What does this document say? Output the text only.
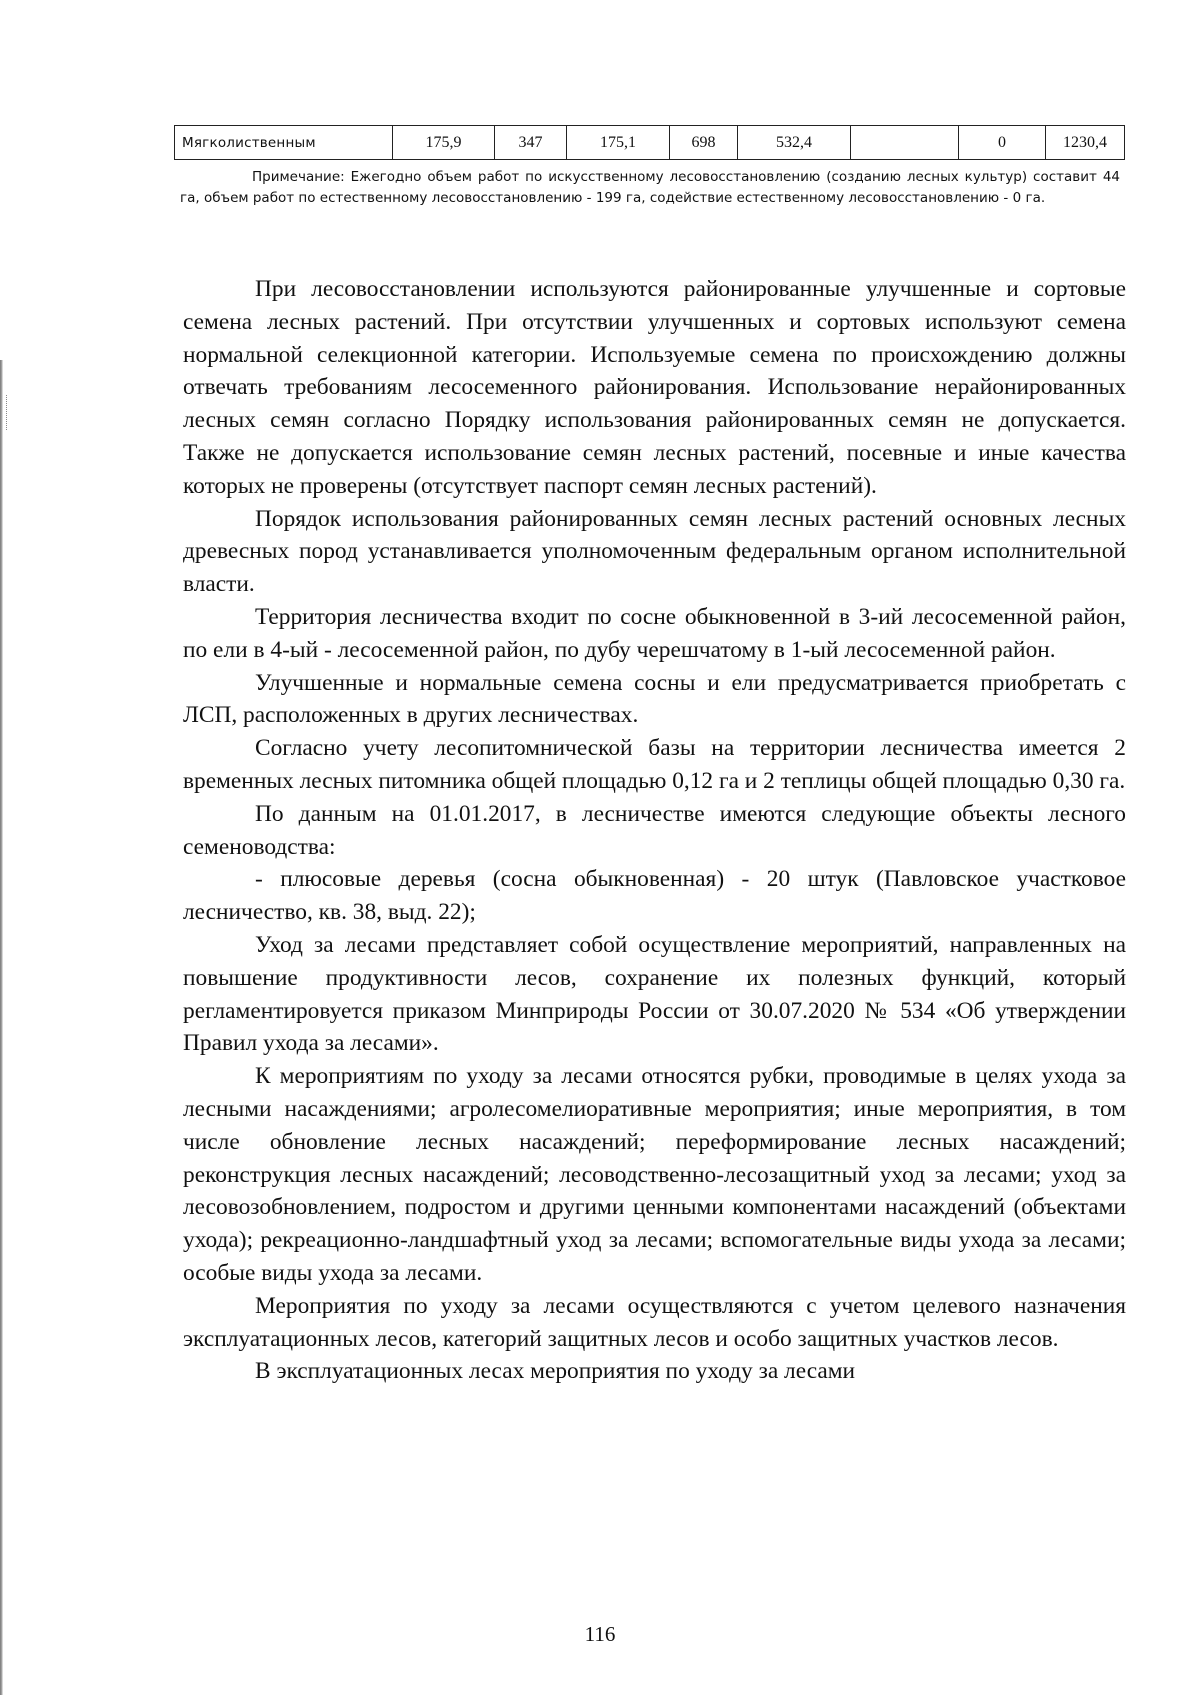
Мягколиственным	175,9	347	175,1	698	532,4		0	1230,4

Примечание: Ежегодно объем работ по искусственному лесовосстановлению (созданию лесных культур) составит 44 га, объем работ по естественному лесовосстановлению - 199 га, содействие естественному лесовосстановлению - 0 га.

При лесовосстановлении используются районированные улучшенные и сортовые семена лесных растений. При отсутствии улучшенных и сортовых используют семена нормальной селекционной категории. Используемые семена по происхождению должны отвечать требованиям лесосеменного районирования. Использование нерайонированных лесных семян согласно Порядку использования районированных семян не допускается. Также не допускается использование семян лесных растений, посевные и иные качества которых не проверены (отсутствует паспорт семян лесных растений).

Порядок использования районированных семян лесных растений основных лесных древесных пород устанавливается уполномоченным федеральным органом исполнительной власти.

Территория лесничества входит по сосне обыкновенной в 3-ий лесосеменной район, по ели в 4-ый - лесосеменной район, по дубу черешчатому в 1-ый лесосеменной район.

Улучшенные и нормальные семена сосны и ели предусматривается приобретать с ЛСП, расположенных в других лесничествах.

Согласно учету лесопитомнической базы на территории лесничества имеется 2 временных лесных питомника общей площадью 0,12 га и 2 теплицы общей площадью 0,30 га.

По данным на 01.01.2017, в лесничестве имеются следующие объекты лесного семеноводства:

- плюсовые деревья (сосна обыкновенная) - 20 штук (Павловское участковое лесничество, кв. 38, выд. 22);

Уход за лесами представляет собой осуществление мероприятий, направленных на повышение продуктивности лесов, сохранение их полезных функций, который регламентировуется приказом Минприроды России от 30.07.2020 № 534 «Об утверждении Правил ухода за лесами».

К мероприятиям по уходу за лесами относятся рубки, проводимые в целях ухода за лесными насаждениями; агролесомелиоративные мероприятия; иные мероприятия, в том числе обновление лесных насаждений; переформирование лесных насаждений; реконструкция лесных насаждений; лесоводственно-лесозащитный уход за лесами; уход за лесовозобновлением, подростом и другими ценными компонентами насаждений (объектами ухода); рекреационно-ландшафтный уход за лесами; вспомогательные виды ухода за лесами; особые виды ухода за лесами.

Мероприятия по уходу за лесами осуществляются с учетом целевого назначения эксплуатационных лесов, категорий защитных лесов и особо защитных участков лесов.

В эксплуатационных лесах мероприятия по уходу за лесами

116
